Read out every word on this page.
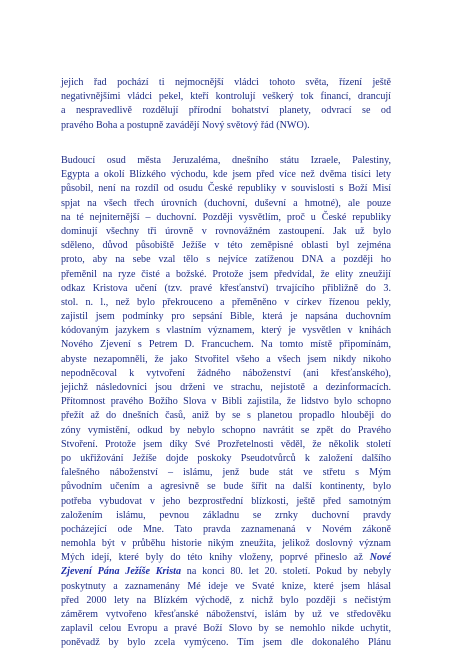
jejich řad pochází ti nejmocnější vládci tohoto světa, řízení ještě
negativnějšími vládci pekel, kteří kontrolují veškerý tok financí, drancují
a nespravedlivě rozdělují přírodní bohatství planety, odvrací se od
pravého Boha a postupně zavádějí Nový světový řád (NWO).
Budoucí osud města Jeruzaléma, dnešního státu Izraele, Palestiny,
Egypta a okolí Blízkého východu, kde jsem před více než dvěma tisíci lety
působil, není na rozdíl od osudu České republiky v souvislosti s Boží Misí
spjat na všech třech úrovních (duchovní, duševní a hmotné), ale pouze
na té nejniternější – duchovní. Později vysvětlím, proč u České republiky
dominují všechny tři úrovně v rovnovážném zastoupení. Jak už bylo
sděleno, důvod působiště Ježíše v této zeměpisné oblasti byl zejména
proto, aby na sebe vzal tělo s nejvíce zatíženou DNA a později ho
přeměnil na ryze čisté a božské. Protože jsem předvídal, že elity zneužijí
odkaz Kristova učení (tzv. pravé křesťanství) trvajícího přibližně do 3.
stol. n. l., než bylo překrouceno a přeměněno v církev řízenou pekly,
zajistil jsem podmínky pro sepsání Bible, která je napsána duchovním
kódovaným jazykem s vlastním významem, který je vysvětlen v knihách
Nového Zjevení s Petrem D. Francuchem. Na tomto místě připomínám,
abyste nezapomněli, že jako Stvořitel všeho a všech jsem nikdy nikoho
nepodněcoval k vytvoření žádného náboženství (ani křesťanského),
jejichž následovníci jsou drženi ve strachu, nejistotě a dezinformacích.
Přítomnost pravého Božího Slova v Bibli zajistila, že lidstvo bylo schopno
přežít až do dnešních časů, aniž by se s planetou propadlo hlouběji do
zóny vymistění, odkud by nebylo schopno navrátit se zpět do Pravého
Stvoření. Protože jsem díky Své Prozřetelnosti věděl, že několik století
po ukřižování Ježíše dojde poskoky Pseudotvůrců k založení dalšího
falešného náboženství – islámu, jenž bude stát ve střetu s Mým
původním učením a agresivně se bude šířit na další kontinenty, bylo
potřeba vybudovat v jeho bezprostřední blízkosti, ještě před samotným
založením islámu, pevnou základnu se zrnky duchovní pravdy
pocházející ode Mne. Tato pravda zaznamenaná v Novém zákoně
nemohla být v průběhu historie nikým zneužita, jelikož doslovný význam
Mých idejí, které byly do této knihy vloženy, poprvé přineslo až Nové
Zjevení Pána Ježíše Krista na konci 80. let 20. století. Pokud by nebyly
poskytnuty a zaznamenány Mé ideje ve Svaté knize, které jsem hlásal
před 2000 lety na Blízkém východě, z nichž bylo později s nečistým
záměrem vytvořeno křesťanské náboženství, islám by už ve středověku
zaplavil celou Evropu a pravé Boží Slovo by se nemohlo nikde uchytit,
poněvadž by bylo zcela vymýceno. Tím jsem dle dokonalého Plánu
